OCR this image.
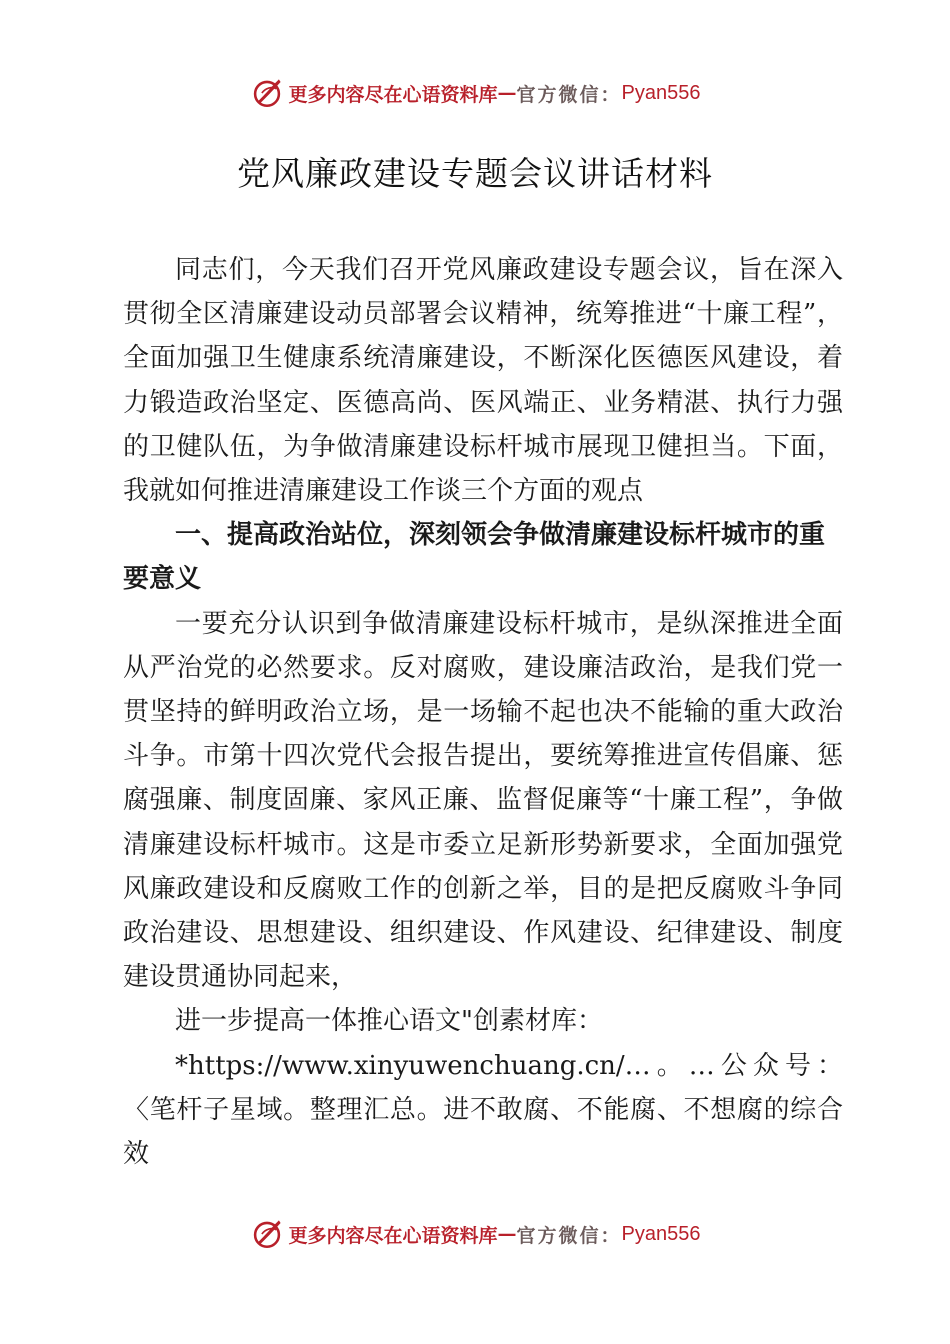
更多内容尽在心语资料库 — 官方微信： Pyan556
党风廉政建设专题会议讲话材料

同志们，今天我们召开党风廉政建设专题会议，旨在深入贯彻全区清廉建设动员部署会议精神，统筹推进“十廉工程”，全面加强卫生健康系统清廉建设，不断深化医德医风建设，着力锻造政治坚定、医德高尚、医风端正、业务精湛、执行力强的卫健队伍，为争做清廉建设标杆城市展现卫健担当。下面，我就如何推进清廉建设工作谈三个方面的观点

一、提高政治站位，深刻领会争做清廉建设标杆城市的重要意义

一要充分认识到争做清廉建设标杆城市，是纵深推进全面从严治党的必然要求。反对腐败，建设廉洁政治，是我们党一贯坚持的鲜明政治立场，是一场输不起也决不能输的重大政治斗争。市第十四次党代会报告提出，要统筹推进宣传倡廉、惩腐强廉、制度固廉、家风正廉、监督促廉等“十廉工程”，争做清廉建设标杆城市。这是市委立足新形势新要求，全面加强党风廉政建设和反腐败工作的创新之举，目的是把反腐败斗争同政治建设、思想建设、组织建设、作风建设、纪律建设、制度建设贯通协同起来，

进一步提高一体推心语文"创素材库：

*https://www.xinyuwenchuang.cn/…。…公众号：〈笔杆子星域。整理汇总。进不敢腐、不能腐、不想腐的综合效

更多内容尽在心语资料库 — 官方微信： Pyan556
